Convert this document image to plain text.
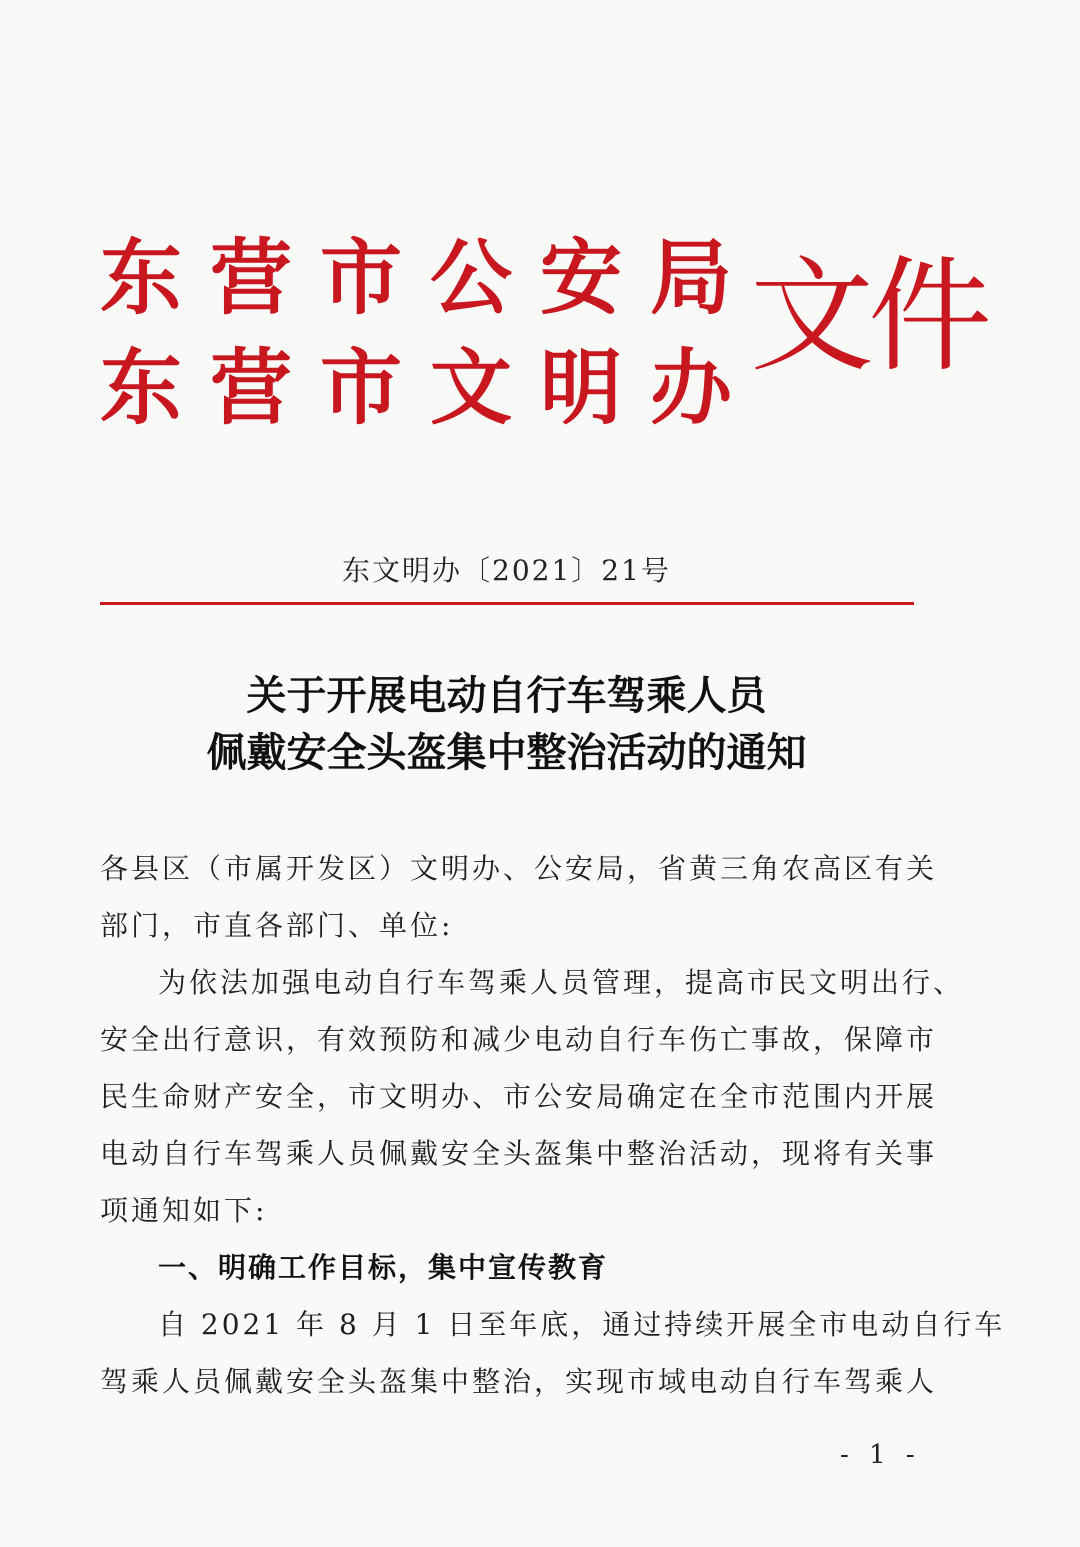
东营市公安局
东营市文明办
文件
东文明办〔2021〕21号
关于开展电动自行车驾乘人员
佩戴安全头盔集中整治活动的通知
各县区（市属开发区）文明办、公安局，省黄三角农高区有关
部门，市直各部门、单位:
为依法加强电动自行车驾乘人员管理，提高市民文明出行、
安全出行意识，有效预防和减少电动自行车伤亡事故，保障市
民生命财产安全，市文明办、市公安局确定在全市范围内开展
电动自行车驾乘人员佩戴安全头盔集中整治活动，现将有关事
项通知如下:
一、明确工作目标，集中宣传教育
自 2021 年 8 月 1 日至年底，通过持续开展全市电动自行车
驾乘人员佩戴安全头盔集中整治，实现市域电动自行车驾乘人
- 1 -
